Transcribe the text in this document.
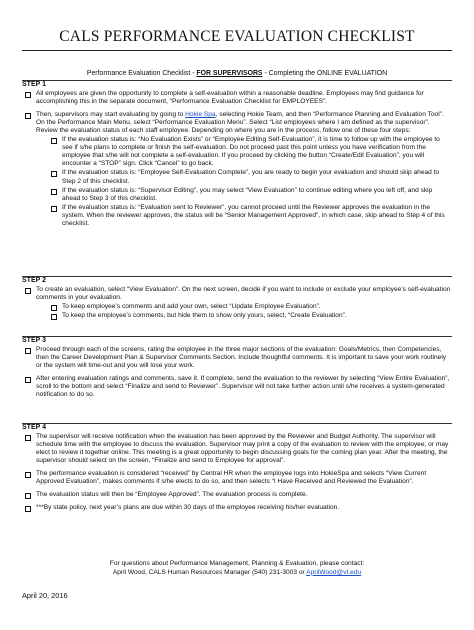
CALS PERFORMANCE EVALUATION CHECKLIST
Performance Evaluation Checklist - FOR SUPERVISORS - Completing the ONLINE EVALUATION
STEP 1

All employees are given the opportunity to complete a self-evaluation within a reasonable deadline. Employees may find guidance for accomplishing this in the separate document, “Performance Evaluation Checklist for EMPLOYEES”.

Then, supervisors may start evaluating by going to Hokie Spa, selecting Hokie Team, and then “Performance Planning and Evaluation Tool”. On the Performance Main Menu, select “Performance Evaluation Menu”. Select “List employees where I am defined as the supervisor”. Review the evaluation status of each staff employee. Depending on where you are in the process, follow one of these four steps:

If the evaluation status is: “No Evaluation Exists” or “Employee Editing Self-Evaluation”, it is time to follow up with the employee to see if s/he plans to complete or finish the self-evaluation. Do not proceed past this point unless you have verification from the employee that s/he will not complete a self-evaluation. If you proceed by clicking the button “Create/Edit Evaluation”, you will encounter a “STOP” sign. Click “Cancel” to go back.

If the evaluation status is: “Employee Self-Evaluation Complete”, you are ready to begin your evaluation and should skip ahead to Step 2 of this checklist.

If the evaluation status is: “Supervisor Editing”, you may select “View Evaluation” to continue editing where you left off, and skip ahead to Step 3 of this checklist.

If the evaluation status is: “Evaluation sent to Reviewer”, you cannot proceed until the Reviewer approves the evaluation in the system. When the reviewer approves, the status will be “Senior Management Approved”, in which case, skip ahead to Step 4 of this checklist.

STEP 2

To create an evaluation, select “View Evaluation”. On the next screen, decide if you want to include or exclude your employee’s self-evaluation comments in your evaluation.

To keep employee’s comments and add your own, select “Update Employee Evaluation”.

To keep the employee’s comments, but hide them to show only yours, select, “Create Evaluation”.

STEP 3

Proceed through each of the screens, rating the employee in the three major sections of the evaluation: Goals/Metrics, then Competencies, then the Career Development Plan & Supervisor Comments Section. Include thoughtful comments. It is important to save your work routinely or the system will time-out and you will lose your work.

After entering evaluation ratings and comments, save it. If complete, send the evaluation to the reviewer by selecting “View Entire Evaluation”, scroll to the bottom and select “Finalize and send to Reviewer”. Supervisor will not take further action until s/he receives a system-generated notification to do so.

STEP 4

The supervisor will receive notification when the evaluation has been approved by the Reviewer and Budget Authority. The supervisor will schedule time with the employee to discuss the evaluation. Supervisor may print a copy of the evaluation to review with the employee, or may elect to review it together online. This meeting is a great opportunity to begin discussing goals for the coming plan year. After the meeting, the supervisor should select on the screen, “Finalize and send to Employee for approval”.

The performance evaluation is considered “received” by Central HR when the employee logs into HokieSpa and selects “View Current Approved Evaluation”, makes comments if s/he elects to do so, and then selects “I Have Received and Reviewed the Evaluation”.

The evaluation status will then be “Employee Approved”. The evaluation process is complete.

***By state policy, next year’s plans are due within 30 days of the employee receiving his/her evaluation.

For questions about Performance Management, Planning & Evaluation, please contact:
April Wood, CALS Human Resources Manager (540) 231-3003 or AprilWood@vt.edu
April 20, 2016
